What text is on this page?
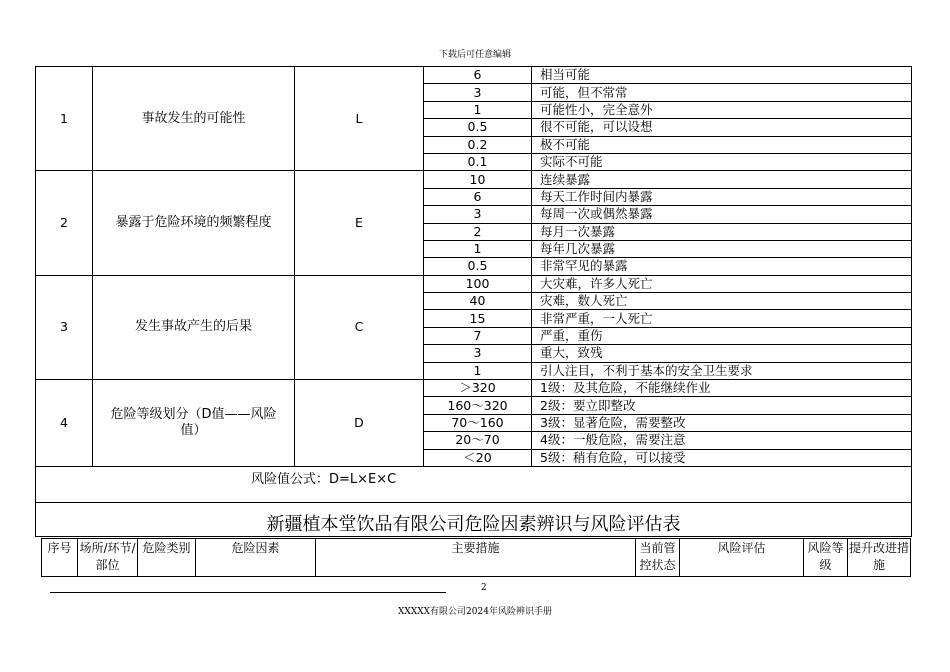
下载后可任意编辑
1	事故发生的可能性	L	6	相当可能
			3	可能，但不常常
			1	可能性小，完全意外
			0.5	很不可能，可以设想
			0.2	极不可能
			0.1	实际不可能
2	暴露于危险环境的频繁程度	E	10	连续暴露
			6	每天工作时间内暴露
			3	每周一次或偶然暴露
			2	每月一次暴露
			1	每年几次暴露
			0.5	非常罕见的暴露
3	发生事故产生的后果	C	100	大灾难，许多人死亡
			40	灾难，数人死亡
			15	非常严重，一人死亡
			7	严重，重伤
			3	重大，致残
			1	引人注目，不利于基本的安全卫生要求
4	危险等级划分（D值——风险值）	D	＞320	1级：及其危险，不能继续作业
			160～320	2级：要立即整改
			70～160	3级：显著危险，需要整改
			20～70	4级：一般危险，需要注意
			＜20	5级：稍有危险，可以接受
风险值公式：D=L×E×C
新疆植本堂饮品有限公司危险因素辨识与风险评估表
序号	场所/环节/部位	危险类别	危险因素	主要措施	当前管控状态	风险评估	风险等级	提升改进措施
2
XXXXX有限公司2024年风险辨识手册
